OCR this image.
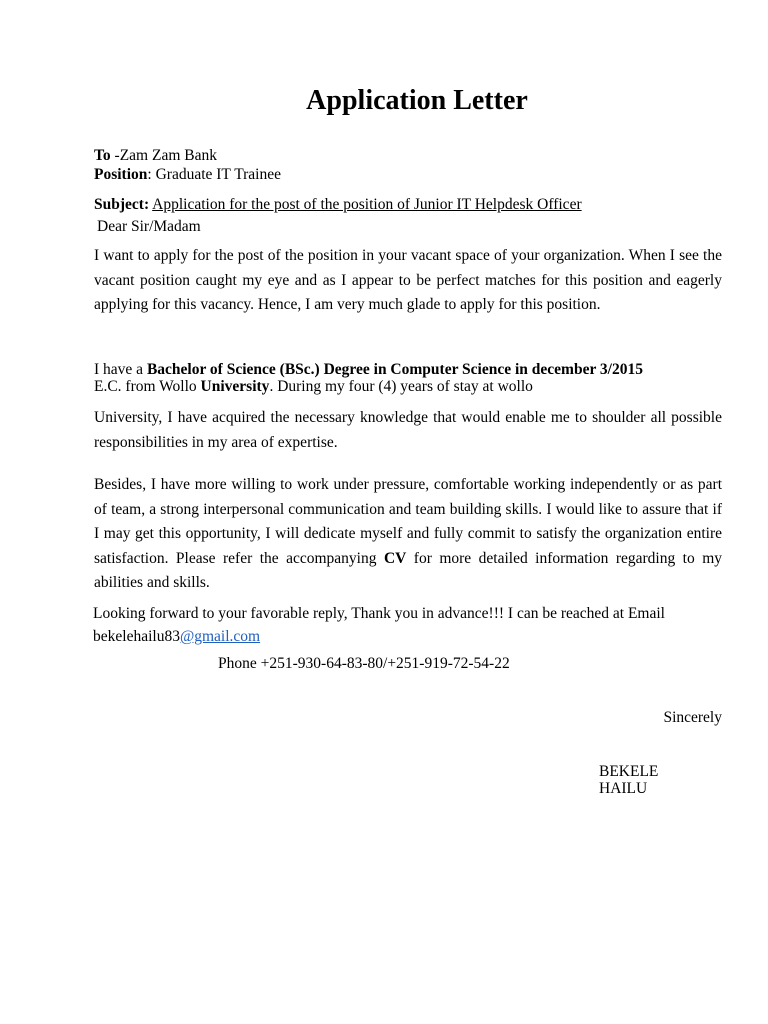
Application Letter
To -Zam Zam Bank
Position: Graduate IT Trainee
Subject: Application for the post of the position of Junior IT Helpdesk Officer
Dear Sir/Madam
I want to apply for the post of the position in your vacant space of your organization. When I see the vacant position caught my eye and as I appear to be perfect matches for this position and eagerly applying for this vacancy. Hence, I am very much glade to apply for this position.
I have a Bachelor of Science (BSc.) Degree in Computer Science in december 3/2015
E.C. from Wollo University. During my four (4) years of stay at wollo
University, I have acquired the necessary knowledge that would enable me to shoulder all possible responsibilities in my area of expertise.
Besides, I have more willing to work under pressure, comfortable working independently or as part of team, a strong interpersonal communication and team building skills. I would like to assure that if I may get this opportunity, I will dedicate myself and fully commit to satisfy the organization entire satisfaction. Please refer the accompanying CV for more detailed information regarding to my abilities and skills.
Looking forward to your favorable reply, Thank you in advance!!! I can be reached at Email
bekelehailu83@gmail.com
Phone +251-930-64-83-80/+251-919-72-54-22
Sincerely
BEKELE
HAILU
